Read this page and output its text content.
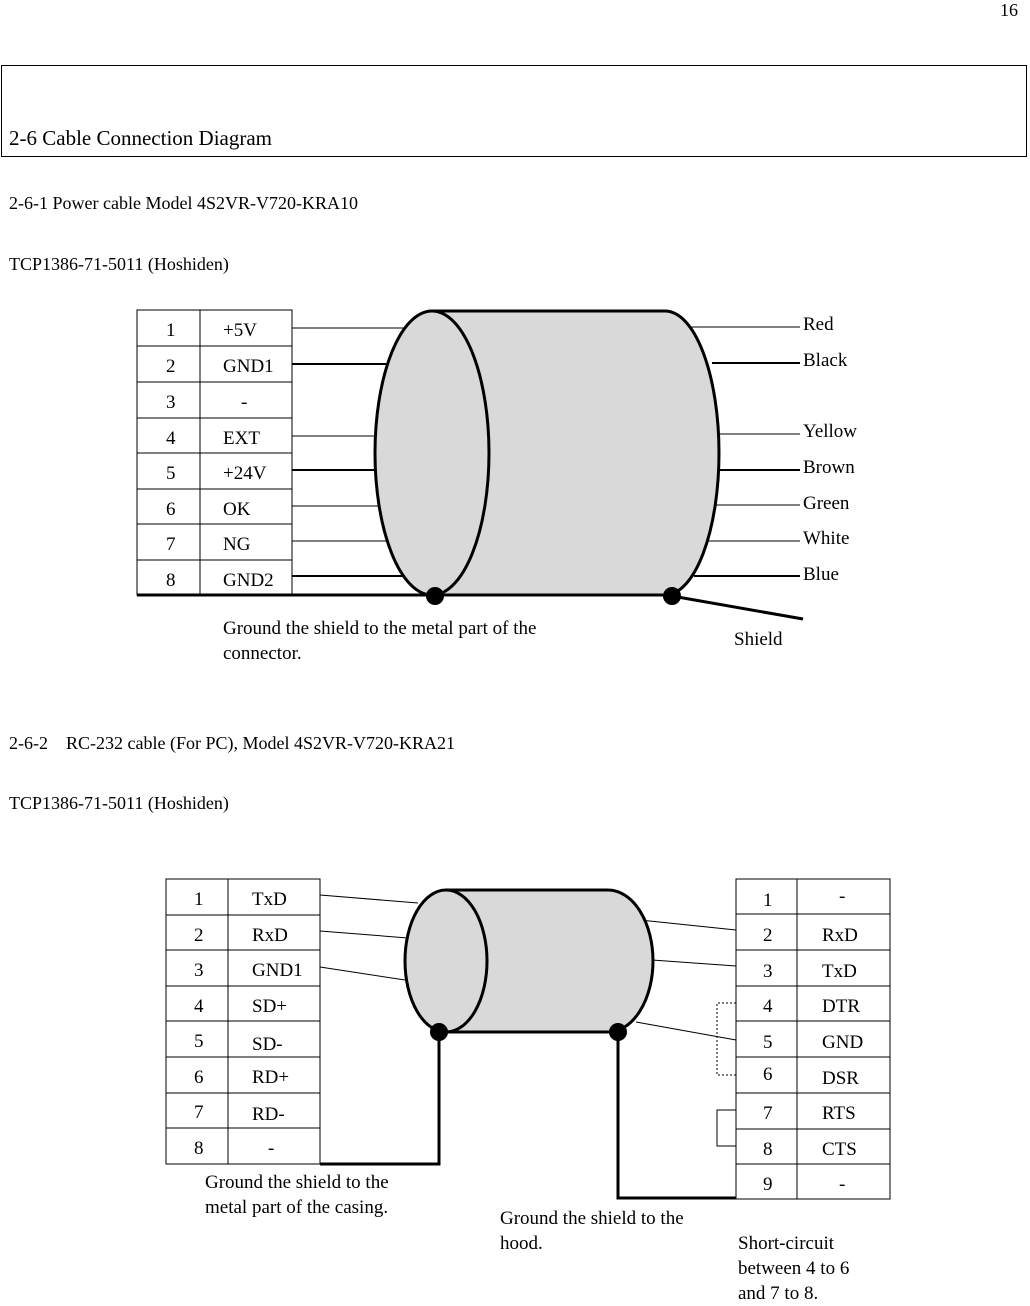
16
2-6 Cable Connection Diagram
2-6-1 Power cable Model 4S2VR-V720-KRA10
TCP1386-71-5011 (Hoshiden)
2-6-2    RC-232 cable (For PC), Model 4S2VR-V720-KRA21
TCP1386-71-5011 (Hoshiden)
1
2
3
4
5
6
7
8
+5V
GND1
-
EXT
+24V
OK
NG
GND2
Red
Black
Yellow
Brown
Green
White
Blue
Shield
1
2
3
4
5
6
7
8
TxD
RxD
GND1
SD+
SD-
RD+
RD-
-
1
2
3
4
5
6
7
8
9
-
RxD
TxD
DTR
GND
DSR
RTS
CTS
-
Ground the shield to the metal part of the connector.
Ground the shield to the metal part of the casing.
Ground the shield to the hood.	Short-circuit between 4 to 6 and 7 to 8.
